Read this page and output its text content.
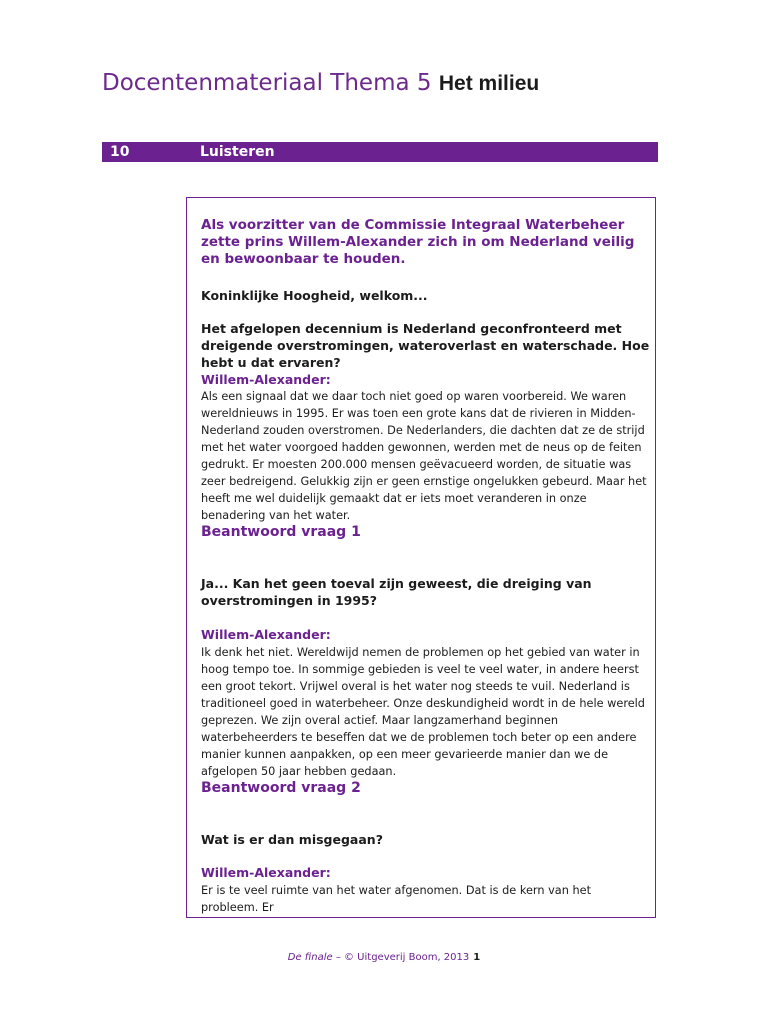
Docentenmateriaal Thema 5 Het milieu
10	Luisteren

Als voorzitter van de Commissie Integraal Waterbeheer zette prins Willem-Alexander zich in om Nederland veilig en bewoonbaar te houden.

Koninklijke Hoogheid, welkom...

Het afgelopen decennium is Nederland geconfronteerd met dreigende overstromingen, wateroverlast en waterschade. Hoe hebt u dat ervaren?

Willem-Alexander:

Als een signaal dat we daar toch niet goed op waren voorbereid. We waren wereldnieuws in 1995. Er was toen een grote kans dat de rivieren in Midden-Nederland zouden overstromen. De Nederlanders, die dachten dat ze de strijd met het water voorgoed hadden gewonnen, werden met de neus op de feiten gedrukt. Er moesten 200.000 mensen geëvacueerd worden, de situatie was zeer bedreigend. Gelukkig zijn er geen ernstige ongelukken gebeurd. Maar het heeft me wel duidelijk gemaakt dat er iets moet veranderen in onze benadering van het water.

Beantwoord vraag 1

Ja... Kan het geen toeval zijn geweest, die dreiging van overstromingen in 1995?

Willem-Alexander:

Ik denk het niet. Wereldwijd nemen de problemen op het gebied van water in hoog tempo toe. In sommige gebieden is veel te veel water, in andere heerst een groot tekort. Vrijwel overal is het water nog steeds te vuil. Nederland is traditioneel goed in waterbeheer. Onze deskundigheid wordt in de hele wereld geprezen. We zijn overal actief. Maar langzamerhand beginnen waterbeheerders te beseffen dat we de problemen toch beter op een andere manier kunnen aanpakken, op een meer gevarieerde manier dan we de afgelopen 50 jaar hebben gedaan.

Beantwoord vraag 2

Wat is er dan misgegaan?

Willem-Alexander:

Er is te veel ruimte van het water afgenomen. Dat is de kern van het probleem. Er

De finale – © Uitgeverij Boom, 2013 1
